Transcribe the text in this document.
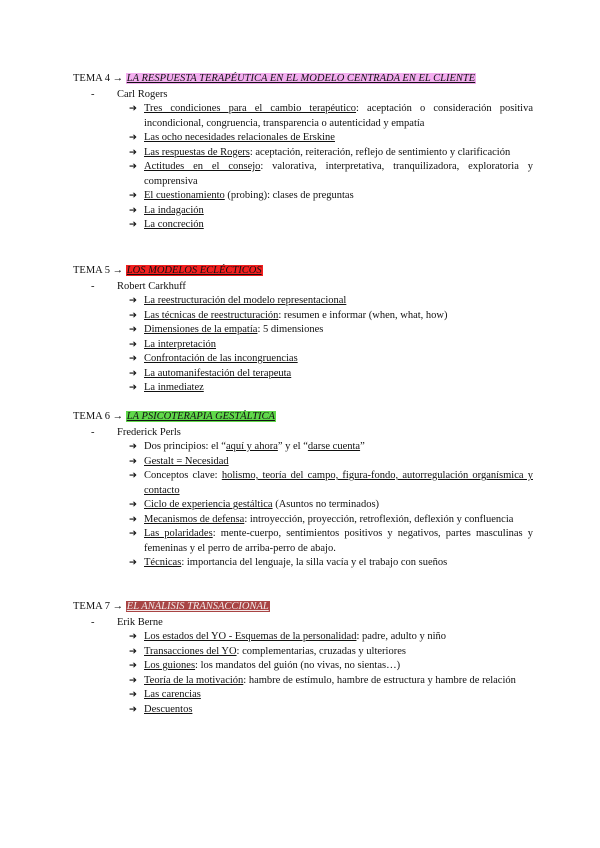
TEMA 4 → LA RESPUESTA TERAPÉUTICA EN EL MODELO CENTRADA EN EL CLIENTE
- Carl Rogers
➔ Tres condiciones para el cambio terapéutico: aceptación o consideración positiva incondicional, congruencia, transparencia o autenticidad y empatía
➔ Las ocho necesidades relacionales de Erskine
➔ Las respuestas de Rogers: aceptación, reiteración, reflejo de sentimiento y clarificación
➔ Actitudes en el consejo: valorativa, interpretativa, tranquilizadora, exploratoria y comprensiva
➔ El cuestionamiento (probing): clases de preguntas
➔ La indagación
➔ La concreción
TEMA 5 → LOS MODELOS ECLÉCTICOS
- Robert Carkhuff
➔ La reestructuración del modelo representacional
➔ Las técnicas de reestructuración: resumen e informar (when, what, how)
➔ Dimensiones de la empatía: 5 dimensiones
➔ La interpretación
➔ Confrontación de las incongruencias
➔ La automanifestación del terapeuta
➔ La inmediatez
TEMA 6 → LA PSICOTERAPIA GESTÁLTICA
- Frederick Perls
➔ Dos principios: el “aquí y ahora” y el “darse cuenta”
➔ Gestalt = Necesidad
➔ Conceptos clave: holismo, teoría del campo, figura-fondo, autorregulación organísmica y contacto
➔ Ciclo de experiencia gestáltica (Asuntos no terminados)
➔ Mecanismos de defensa: introyección, proyección, retroflexión, deflexión y confluencia
➔ Las polaridades: mente-cuerpo, sentimientos positivos y negativos, partes masculinas y femeninas y el perro de arriba-perro de abajo.
➔ Técnicas: importancia del lenguaje, la silla vacía y el trabajo con sueños
TEMA 7 → EL ANÁLISIS TRANSACCIONAL
- Erik Berne
➔ Los estados del YO - Esquemas de la personalidad: padre, adulto y niño
➔ Transacciones del YO: complementarias, cruzadas y ulteriores
➔ Los guiones: los mandatos del guión (no vivas, no sientas…)
➔ Teoría de la motivación: hambre de estímulo, hambre de estructura y hambre de relación
➔ Las carencias
➔ Descuentos
